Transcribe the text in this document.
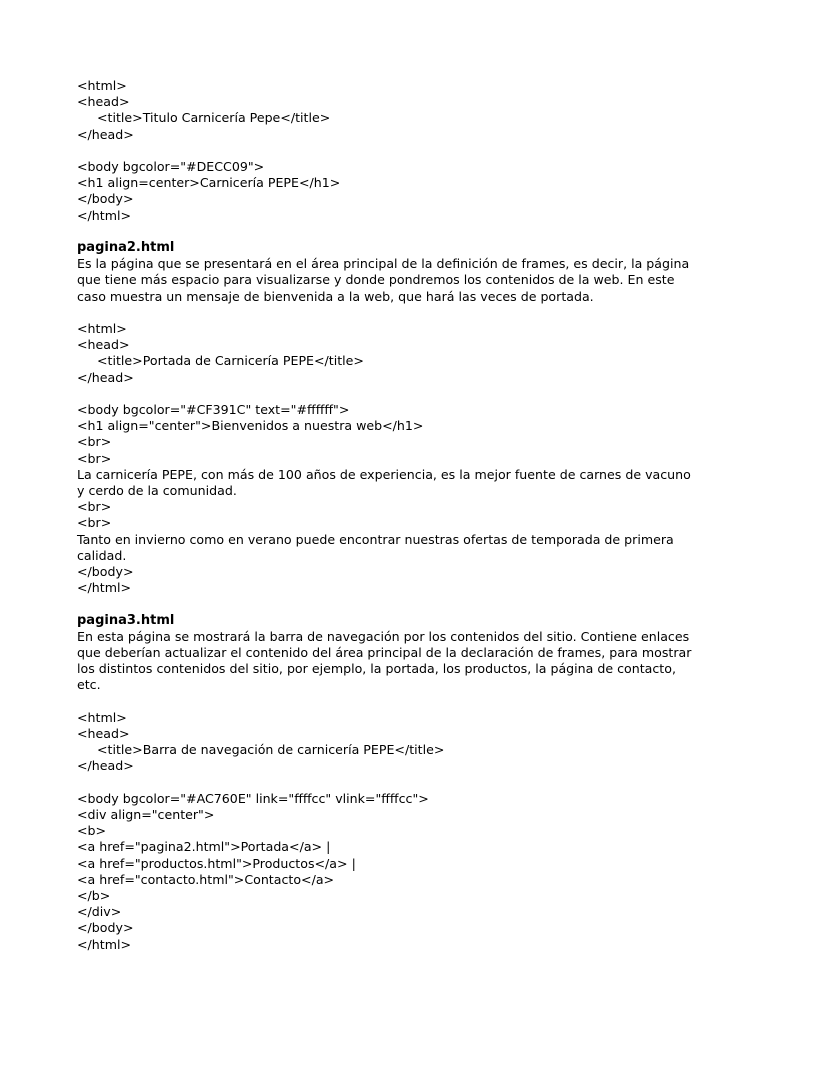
<html>
<head>
<title>Titulo Carnicería Pepe</title>
</head>
<body bgcolor="#DECC09">
<h1 align=center>Carnicería PEPE</h1>
</body>
</html>
pagina2.html
Es la página que se presentará en el área principal de la definición de frames, es decir, la página
que tiene más espacio para visualizarse y donde pondremos los contenidos de la web. En este
caso muestra un mensaje de bienvenida a la web, que hará las veces de portada.
<html>
<head>
<title>Portada de Carnicería PEPE</title>
</head>
<body bgcolor="#CF391C" text="#ffffff">
<h1 align="center">Bienvenidos a nuestra web</h1>
<br>
<br>
La carnicería PEPE, con más de 100 años de experiencia, es la mejor fuente de carnes de vacuno
y cerdo de la comunidad.
<br>
<br>
Tanto en invierno como en verano puede encontrar nuestras ofertas de temporada de primera
calidad.
</body>
</html>
pagina3.html
En esta página se mostrará la barra de navegación por los contenidos del sitio. Contiene enlaces
que deberían actualizar el contenido del área principal de la declaración de frames, para mostrar
los distintos contenidos del sitio, por ejemplo, la portada, los productos, la página de contacto,
etc.
<html>
<head>
<title>Barra de navegación de carnicería PEPE</title>
</head>
<body bgcolor="#AC760E" link="ffffcc" vlink="ffffcc">
<div align="center">
<b>
<a href="pagina2.html">Portada</a> |
<a href="productos.html">Productos</a> |
<a href="contacto.html">Contacto</a>
</b>
</div>
</body>
</html>
